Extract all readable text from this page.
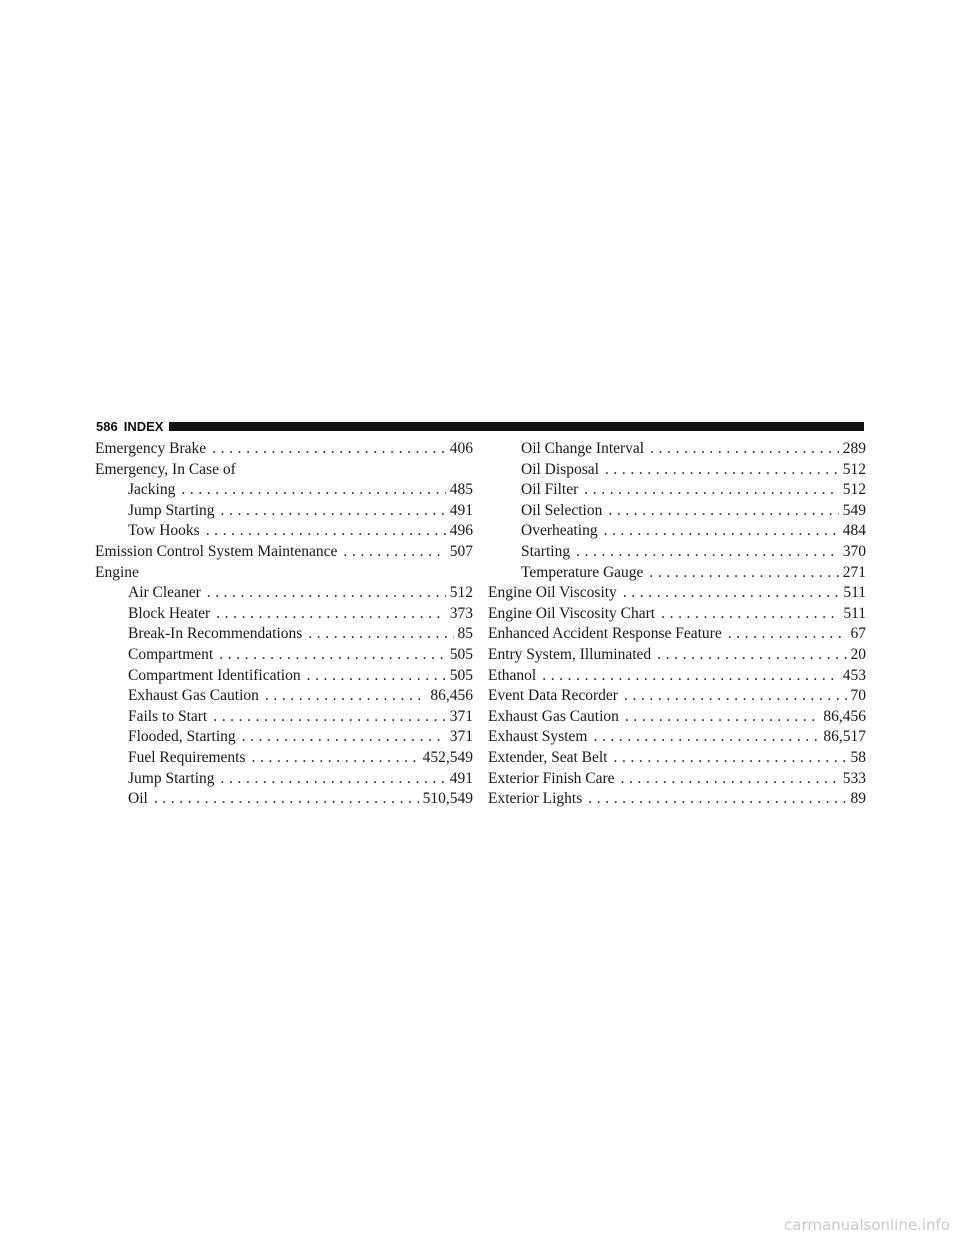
586 INDEX
Emergency Brake .....	406
Emergency, In Case of
Jacking .....	485
Jump Starting .....	491
Tow Hooks .....	496
Emission Control System Maintenance .....	507
Engine
Air Cleaner .....	512
Block Heater .....	373
Break-In Recommendations .....	85
Compartment .....	505
Compartment Identification .....	505
Exhaust Gas Caution .....	86,456
Fails to Start .....	371
Flooded, Starting .....	371
Fuel Requirements .....	452,549
Jump Starting .....	491
Oil .....	510,549
Oil Change Interval .....	289
Oil Disposal .....	512
Oil Filter .....	512
Oil Selection .....	549
Overheating .....	484
Starting .....	370
Temperature Gauge .....	271
Engine Oil Viscosity .....	511
Engine Oil Viscosity Chart .....	511
Enhanced Accident Response Feature .....	67
Entry System, Illuminated .....	20
Ethanol .....	453
Event Data Recorder .....	70
Exhaust Gas Caution .....	86,456
Exhaust System .....	86,517
Extender, Seat Belt .....	58
Exterior Finish Care .....	533
Exterior Lights .....	89
carmanualsonline.info
